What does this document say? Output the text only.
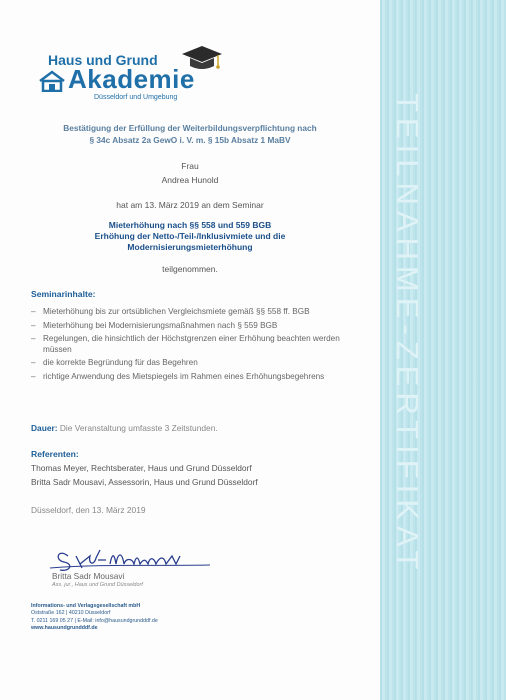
TEILNAHME-ZERTIFIKAT
Haus und Grund
Akademie
Düsseldorf und Umgebung
Bestätigung der Erfüllung der Weiterbildungsverpflichtung nach
§ 34c Absatz 2a GewO i. V. m. § 15b Absatz 1 MaBV
Frau
Andrea Hunold
hat am 13. März 2019 an dem Seminar
Mieterhöhung nach §§ 558 und 559 BGB
Erhöhung der Netto-/Teil-/Inklusivmiete und die
Modernisierungsmieterhöhung
teilgenommen.
Seminarinhalte:
– Mieterhöhung bis zur ortsüblichen Vergleichsmiete gemäß §§ 558 ff. BGB
– Mieterhöhung bei Modernisierungsmaßnahmen nach § 559 BGB
– Regelungen, die hinsichtlich der Höchstgrenzen einer Erhöhung beachten werden müssen
– die korrekte Begründung für das Begehren
– richtige Anwendung des Mietspiegels im Rahmen eines Erhöhungsbegehrens
Dauer: Die Veranstaltung umfasste 3 Zeitstunden.
Referenten:
Thomas Meyer, Rechtsberater, Haus und Grund Düsseldorf
Britta Sadr Mousavi, Assessorin, Haus und Grund Düsseldorf
Düsseldorf, den 13. März 2019
Britta Sadr Mousavi
Ass. jur., Haus und Grund Düsseldorf
Informations- und Verlagsgesellschaft mbH
Oststraße 162 | 40210 Düsseldorf
T. 0211 169 05 27 | E-Mail: info@hausundgrundddf.de
www.hausundgrundddf.de
